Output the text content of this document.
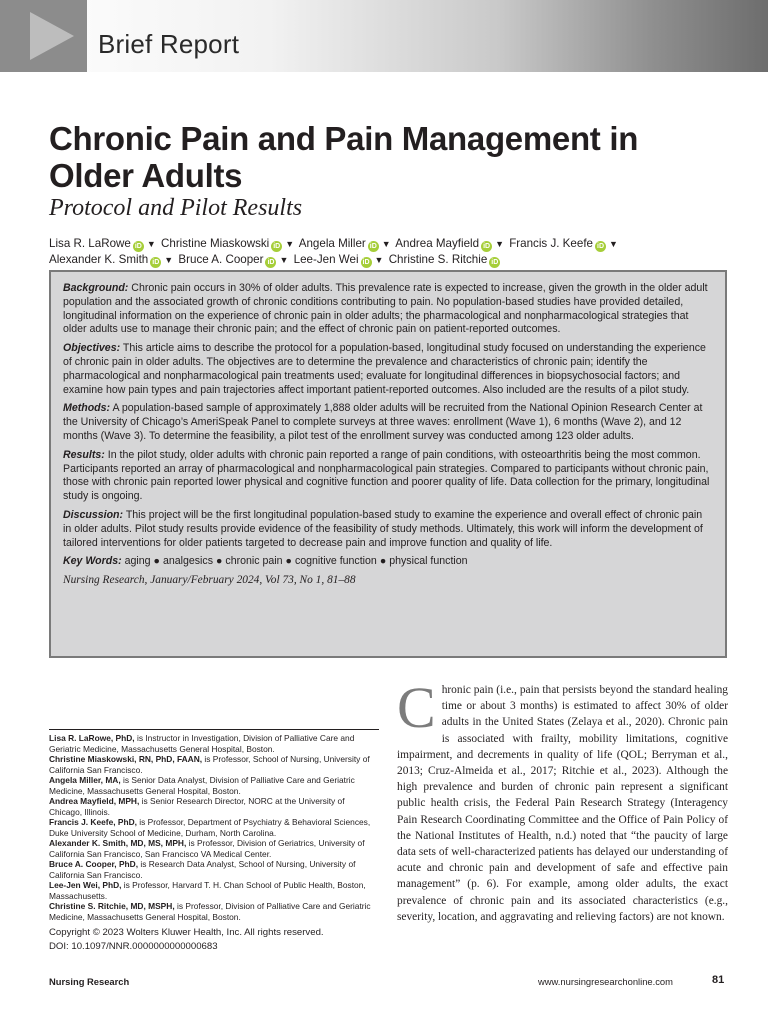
Brief Report
Chronic Pain and Pain Management in Older Adults
Protocol and Pilot Results
Lisa R. LaRowe iD ▼ Christine Miaskowski iD ▼ Angela Miller iD ▼ Andrea Mayfield iD ▼ Francis J. Keefe iD ▼
Alexander K. Smith iD ▼ Bruce A. Cooper iD ▼ Lee-Jen Wei iD ▼ Christine S. Ritchie iD

Background: Chronic pain occurs in 30% of older adults. This prevalence rate is expected to increase, given the growth in the older adult population and the associated growth of chronic conditions contributing to pain. No population-based studies have provided detailed, longitudinal information on the experience of chronic pain in older adults; the pharmacological and nonpharmacological strategies that older adults use to manage their chronic pain; and the effect of chronic pain on patient-reported outcomes.

Objectives: This article aims to describe the protocol for a population-based, longitudinal study focused on understanding the experience of chronic pain in older adults. The objectives are to determine the prevalence and characteristics of chronic pain; identify the pharmacological and nonpharmacological pain treatments used; evaluate for longitudinal differences in biopsychosocial factors; and examine how pain types and pain trajectories affect important patient-reported outcomes. Also included are the results of a pilot study.

Methods: A population-based sample of approximately 1,888 older adults will be recruited from the National Opinion Research Center at the University of Chicago’s AmeriSpeak Panel to complete surveys at three waves: enrollment (Wave 1), 6 months (Wave 2), and 12 months (Wave 3). To determine the feasibility, a pilot test of the enrollment survey was conducted among 123 older adults.

Results: In the pilot study, older adults with chronic pain reported a range of pain conditions, with osteoarthritis being the most common. Participants reported an array of pharmacological and nonpharmacological pain strategies. Compared to participants without chronic pain, those with chronic pain reported lower physical and cognitive function and poorer quality of life. Data collection for the primary, longitudinal study is ongoing.

Discussion: This project will be the first longitudinal population-based study to examine the experience and overall effect of chronic pain in older adults. Pilot study results provide evidence of the feasibility of study methods. Ultimately, this work will inform the development of tailored interventions for older patients targeted to decrease pain and improve function and quality of life.

Key Words: aging ● analgesics ● chronic pain ● cognitive function ● physical function

Nursing Research, January/February 2024, Vol 73, No 1, 81–88
Lisa R. LaRowe, PhD, is Instructor in Investigation, Division of Palliative Care and Geriatric Medicine, Massachusetts General Hospital, Boston.
Christine Miaskowski, RN, PhD, FAAN, is Professor, School of Nursing, University of California San Francisco.
Angela Miller, MA, is Senior Data Analyst, Division of Palliative Care and Geriatric Medicine, Massachusetts General Hospital, Boston.
Andrea Mayfield, MPH, is Senior Research Director, NORC at the University of Chicago, Illinois.
Francis J. Keefe, PhD, is Professor, Department of Psychiatry & Behavioral Sciences, Duke University School of Medicine, Durham, North Carolina.
Alexander K. Smith, MD, MS, MPH, is Professor, Division of Geriatrics, University of California San Francisco, San Francisco VA Medical Center.
Bruce A. Cooper, PhD, is Research Data Analyst, School of Nursing, University of California San Francisco.
Lee-Jen Wei, PhD, is Professor, Harvard T. H. Chan School of Public Health, Boston, Massachusetts.
Christine S. Ritchie, MD, MSPH, is Professor, Division of Palliative Care and Geriatric Medicine, Massachusetts General Hospital, Boston.
Copyright © 2023 Wolters Kluwer Health, Inc. All rights reserved.
DOI: 10.1097/NNR.0000000000000683
Chronic pain (i.e., pain that persists beyond the standard healing time or about 3 months) is estimated to affect 30% of older adults in the United States (Zelaya et al., 2020). Chronic pain is associated with frailty, mobility limitations, cognitive impairment, and decrements in quality of life (QOL; Berryman et al., 2013; Cruz-Almeida et al., 2017; Ritchie et al., 2023). Although the high prevalence and burden of chronic pain represent a significant public health crisis, the Federal Pain Research Strategy (Interagency Pain Research Coordinating Committee and the Office of Pain Policy of the National Institutes of Health, n.d.) noted that “the paucity of large data sets of well-characterized patients has delayed our understanding of acute and chronic pain and development of safe and effective pain management” (p. 6). For example, among older adults, the exact prevalence of chronic pain and its associated characteristics (e.g., severity, location, and aggravating and relieving factors) are not known.
Nursing Research	www.nursingresearchonline.com	81
